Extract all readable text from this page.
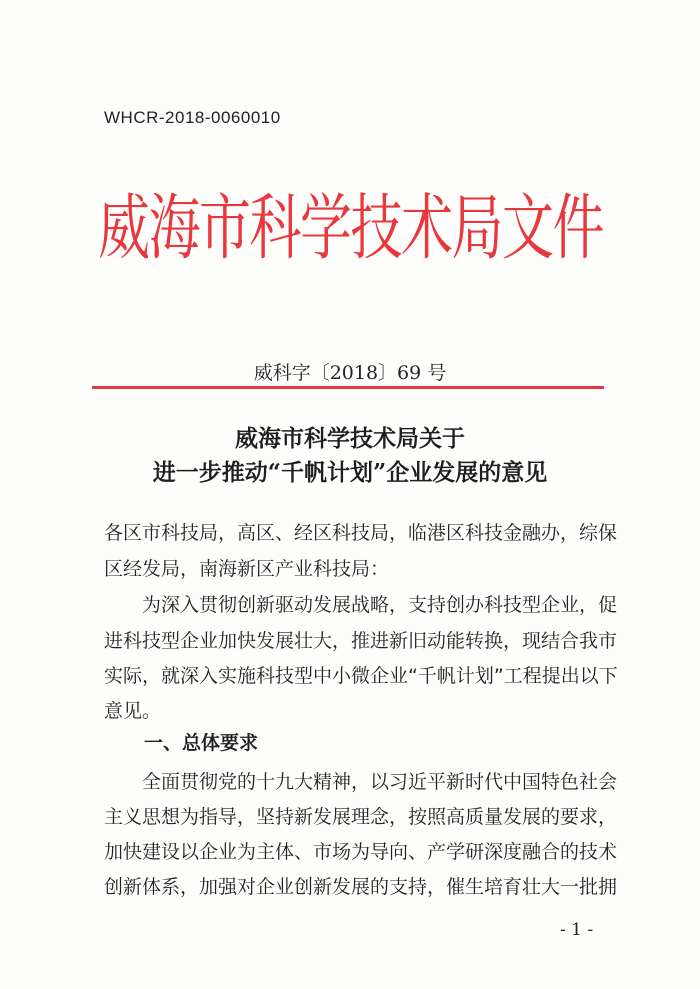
WHCR-2018-0060010
威海市科学技术局文件
威科字〔2018〕69 号
威海市科学技术局关于
进一步推动“千帆计划”企业发展的意见
各区市科技局，高区、经区科技局，临港区科技金融办，综保
区经发局，南海新区产业科技局：
　　为深入贯彻创新驱动发展战略，支持创办科技型企业，促
进科技型企业加快发展壮大，推进新旧动能转换，现结合我市
实际，就深入实施科技型中小微企业“千帆计划”工程提出以下
意见。
一、总体要求
　　全面贯彻党的十九大精神，以习近平新时代中国特色社会
主义思想为指导，坚持新发展理念，按照高质量发展的要求，
加快建设以企业为主体、市场为导向、产学研深度融合的技术
创新体系，加强对企业创新发展的支持，催生培育壮大一批拥
- 1 -
